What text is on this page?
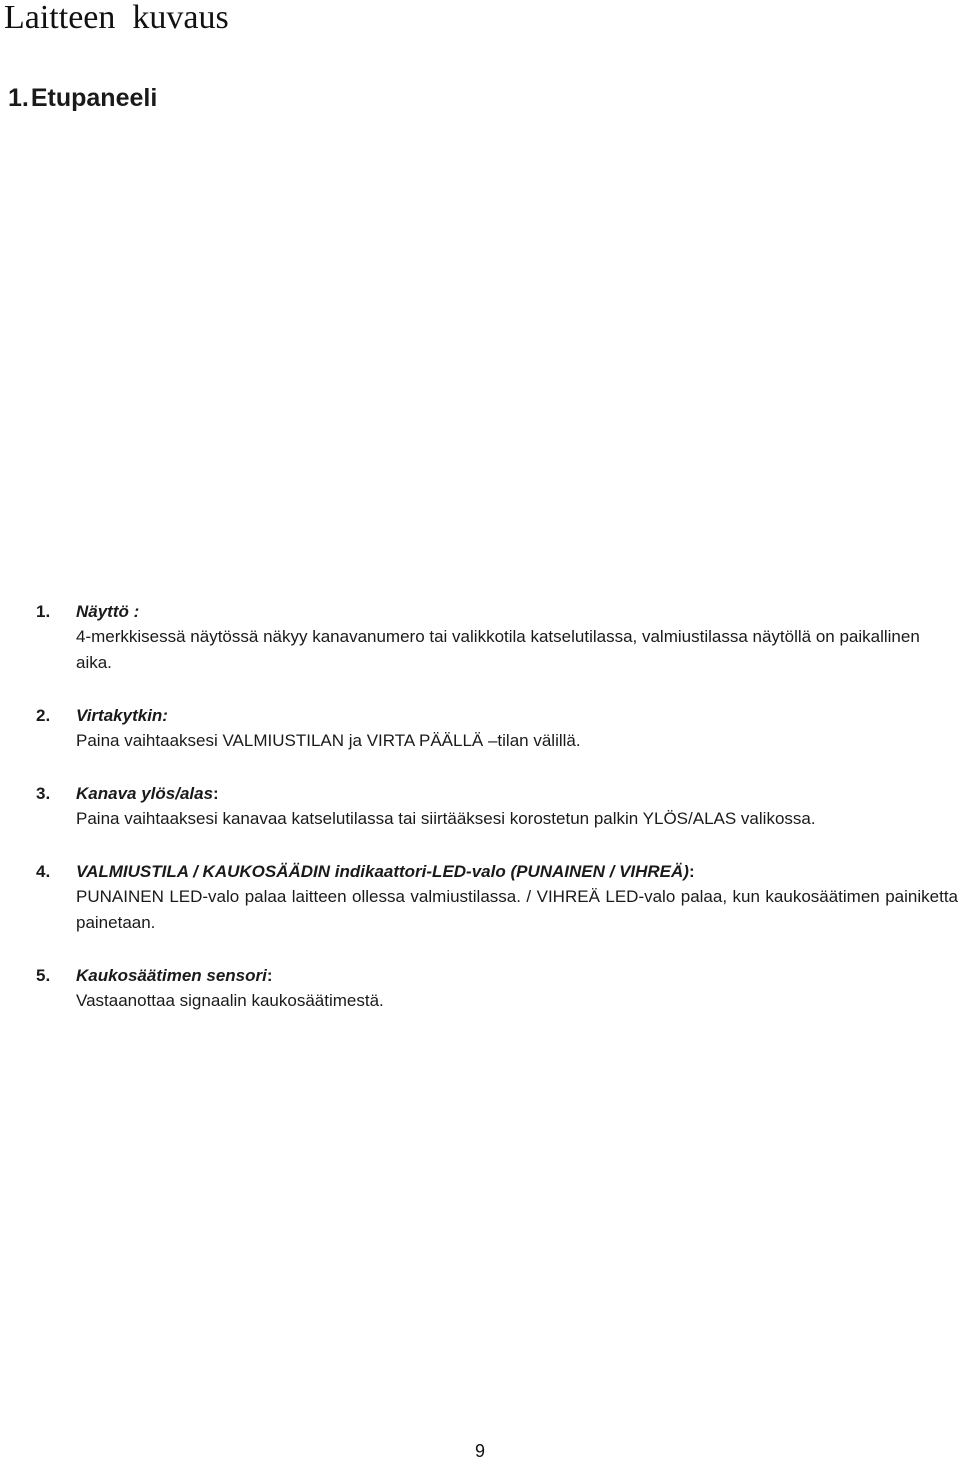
Laitteen  kuvaus
1.Etupaneeli
1. Näyttö :
4-merkkisessä näytössä näkyy kanavanumero tai valikkotila katselutilassa, valmiustilassa näytöllä on paikallinen aika.
2. Virtakytkin:
Paina vaihtaaksesi VALMIUSTILAN ja VIRTA PÄÄLLÄ –tilan välillä.
3. Kanava ylös/alas:
Paina vaihtaaksesi kanavaa katselutilassa tai siirtääksesi korostetun palkin YLÖS/ALAS valikossa.
4. VALMIUSTILA / KAUKOSÄÄDIN indikaattori-LED-valo (PUNAINEN / VIHREÄ):
PUNAINEN LED-valo palaa laitteen ollessa valmiustilassa. / VIHREÄ LED-valo palaa, kun kaukosäätimen painiketta painetaan.
5. Kaukosäätimen sensori:
Vastaanottaa signaalin kaukosäätimestä.
9
